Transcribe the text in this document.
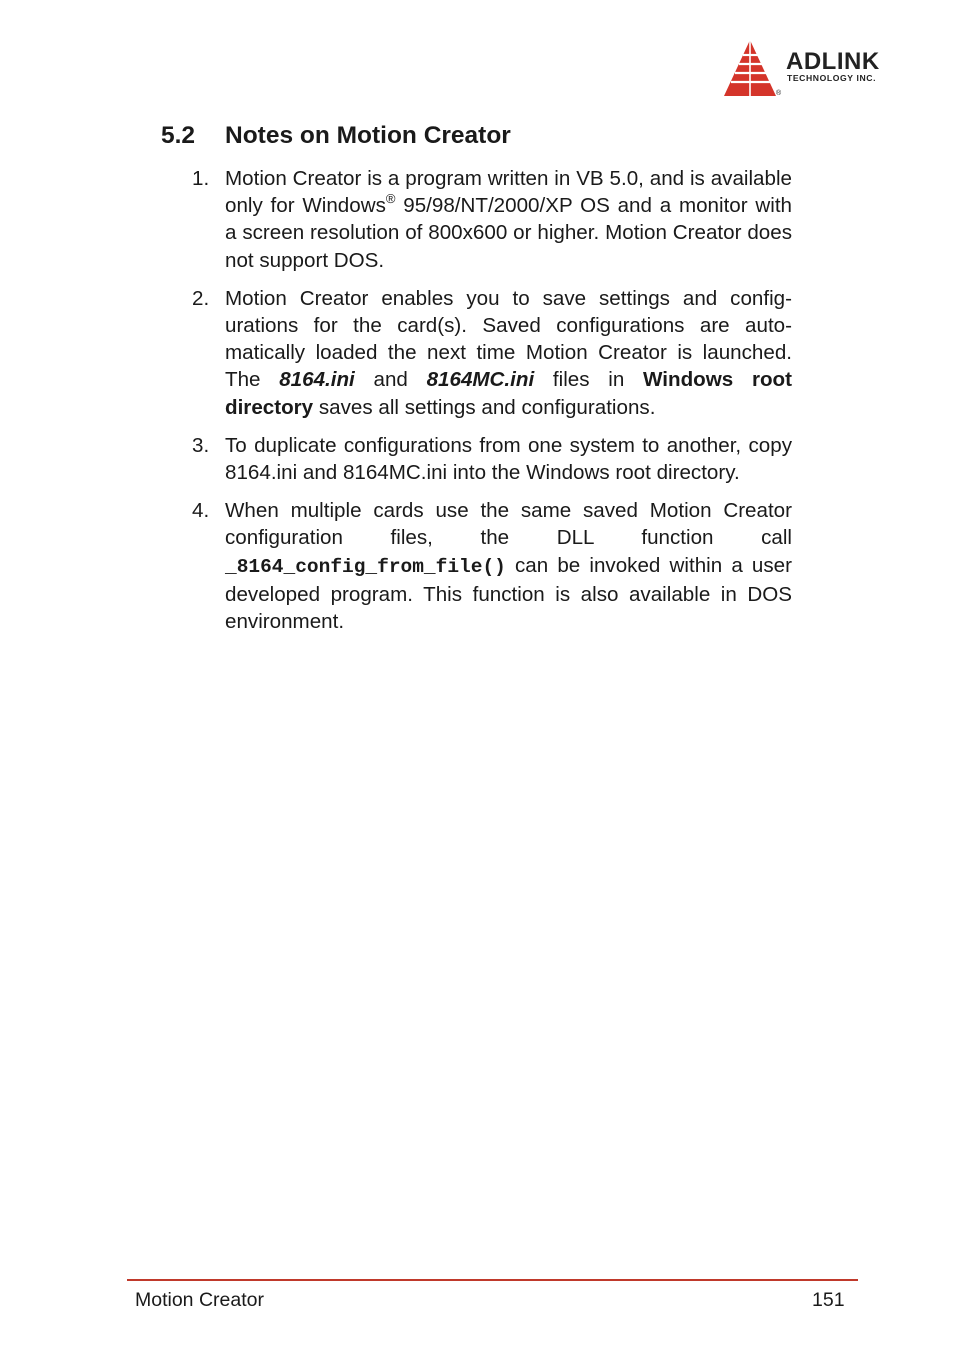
ADLINK
TECHNOLOGY INC.
®
5.2 Notes on Motion Creator
1. Motion Creator is a program written in VB 5.0, and is available only for Windows® 95/98/NT/2000/XP OS and a monitor with a screen resolution of 800x600 or higher. Motion Creator does not support DOS.
2. Motion Creator enables you to save settings and configurations for the card(s). Saved configurations are automatically loaded the next time Motion Creator is launched. The 8164.ini and 8164MC.ini files in Windows root directory saves all settings and configurations.
3. To duplicate configurations from one system to another, copy 8164.ini and 8164MC.ini into the Windows root directory.
4. When multiple cards use the same saved Motion Creator configuration files, the DLL function call _8164_config_from_file() can be invoked within a user developed program. This function is also available in DOS environment.
Motion Creator	151
